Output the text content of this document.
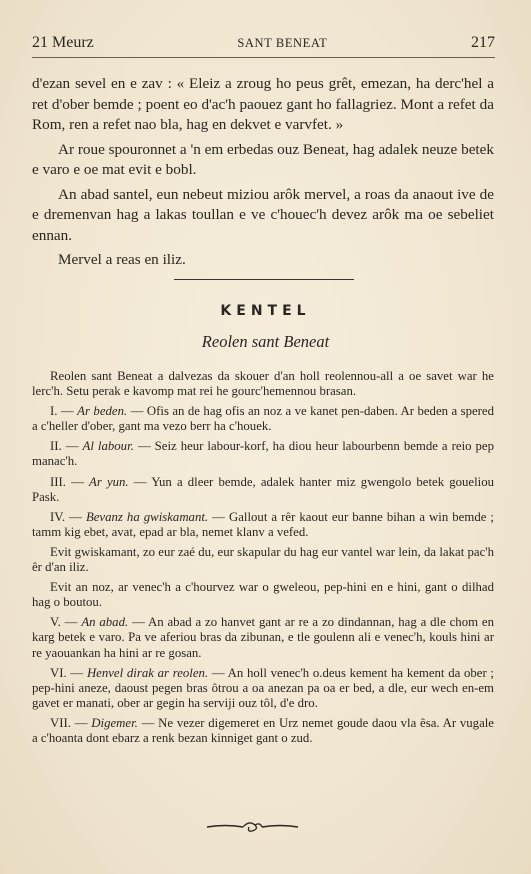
21 Meurz	SANT BENEAT	217

d'ezan sevel en e zav : « Eleiz a zroug ho peus grêt, emezan, ha derc'hel a ret d'ober bemde ; poent eo d'ac'h paouez gant ho fallagriez. Mont a refet da Rom, ren a refet nao bla, hag en dekvet e varvfet. »

Ar roue spouronnet a 'n em erbedas ouz Beneat, hag adalek neuze betek e varo e oe mat evit e bobl.

An abad santel, eun nebeut miziou arôk mervel, a roas da anaout ive de e dremenvan hag a lakas toullan e ve c'houec'h devez arôk ma oe sebeliet ennan.

Mervel a reas en iliz.

KENTEL
Reolen sant Beneat

Reolen sant Beneat a dalvezas da skouer d'an holl reolennou-all a oe savet war he lerc'h. Setu perak e kavomp mat rei he gourc'hemennou brasan.

I. — Ar beden. — Ofis an de hag ofis an noz a ve kanet pen-daben. Ar beden a spered a c'heller d'ober, gant ma vezo berr ha c'houek.

II. — Al labour. — Seiz heur labour-korf, ha diou heur labourbenn bemde a reio pep manac'h.

III. — Ar yun. — Yun a dleer bemde, adalek hanter miz gwengolo betek goueliou Pask.

IV. — Bevanz ha gwiskamant. — Gallout a rêr kaout eur banne bihan a win bemde ; tamm kig ebet, avat, epad ar bla, nemet klanv a vefed.

Evit gwiskamant, zo eur zaé du, eur skapular du hag eur vantel war lein, da lakat pac'h êr d'an iliz.

Evit an noz, ar venec'h a c'hourvez war o gweleou, pep-hini en e hini, gant o dilhad hag o boutou.

V. — An abad. — An abad a zo hanvet gant ar re a zo dindannan, hag a dle chom en karg betek e varo. Pa ve aferiou bras da zibunan, e tle goulenn ali e venec'h, kouls hini ar re yaouankan ha hini ar re gosan.

VI. — Henvel dirak ar reolen. — An holl venec'h o.deus kement ha kement da ober ; pep-hini aneze, daoust pegen bras ôtrou a oa anezan pa oa er bed, a dle, eur wech en-em gavet er manati, ober ar gegin ha serviji ouz tôl, d'e dro.

VII. — Digemer. — Ne vezer digemeret en Urz nemet goude daou vla êsa. Ar vugale a c'hoanta dont ebarz a renk bezan kinniget gant o zud.
